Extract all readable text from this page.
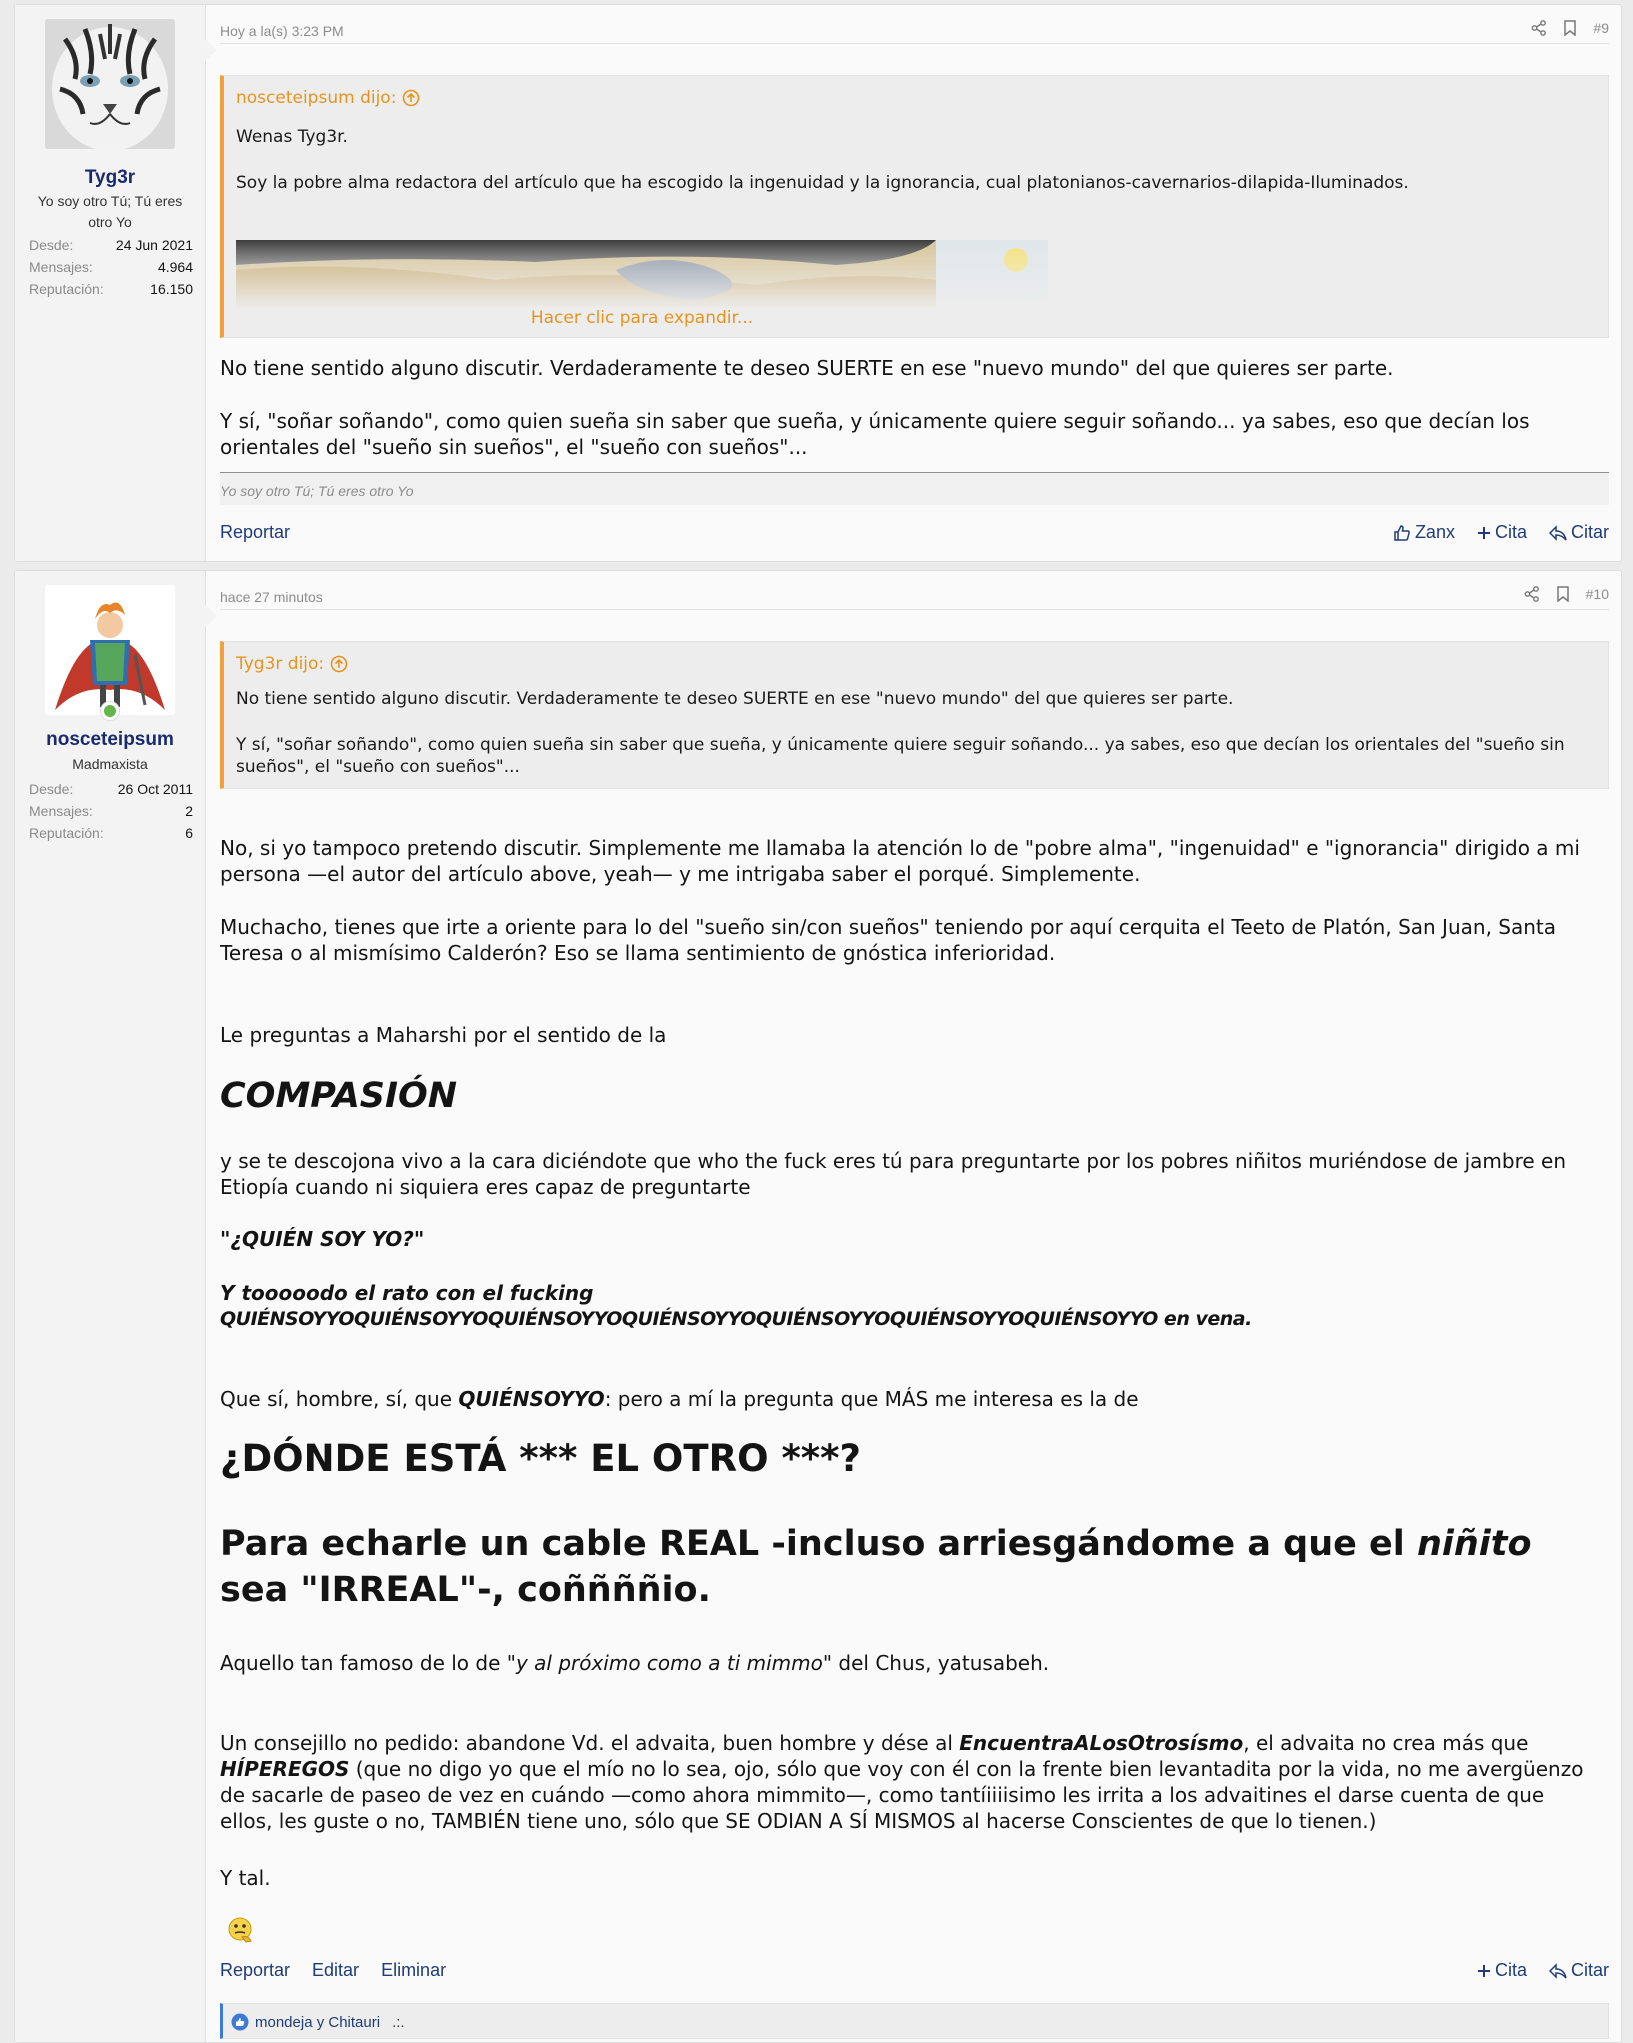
Tyg3r
Yo soy otro Tú; Tú eres otro Yo
Desde:	24 Jun 2021
Mensajes:	4.964
Reputación:	16.150
Hoy a la(s) 3:23 PM	#9
nosceteipsum dijo:
Wenas Tyg3r.
Soy la pobre alma redactora del artículo que ha escogido la ingenuidad y la ignorancia, cual platonianos-cavernarios-dilapida-Iluminados.
Hacer clic para expandir...
No tiene sentido alguno discutir. Verdaderamente te deseo SUERTE en ese "nuevo mundo" del que quieres ser parte.
Y sí, "soñar soñando", como quien sueña sin saber que sueña, y únicamente quiere seguir soñando... ya sabes, eso que decían los orientales del "sueño sin sueños", el "sueño con sueños"...
Yo soy otro Tú; Tú eres otro Yo
Reportar	Zanx Cita Citar
nosceteipsum
Madmaxista
Desde:	26 Oct 2011
Mensajes:	2
Reputación:	6
hace 27 minutos	#10
Tyg3r dijo:
No tiene sentido alguno discutir. Verdaderamente te deseo SUERTE en ese "nuevo mundo" del que quieres ser parte.
Y sí, "soñar soñando", como quien sueña sin saber que sueña, y únicamente quiere seguir soñando... ya sabes, eso que decían los orientales del "sueño sin sueños", el "sueño con sueños"...
No, si yo tampoco pretendo discutir. Simplemente me llamaba la atención lo de "pobre alma", "ingenuidad" e "ignorancia" dirigido a mi persona —el autor del artículo above, yeah— y me intrigaba saber el porqué. Simplemente.
Muchacho, tienes que irte a oriente para lo del "sueño sin/con sueños" teniendo por aquí cerquita el Teeto de Platón, San Juan, Santa Teresa o al mismísimo Calderón? Eso se llama sentimiento de gnóstica inferioridad.
Le preguntas a Maharshi por el sentido de la
COMPASIÓN
y se te descojona vivo a la cara diciéndote que who the fuck eres tú para preguntarte por los pobres niñitos muriéndose de jambre en Etiopía cuando ni siquiera eres capaz de preguntarte
"¿QUIÉN SOY YO?"
Y tooooodo el rato con el fucking
QUIÉNSOYYOQUIÉNSOYYOQUIÉNSOYYOQUIÉNSOYYOQUIÉNSOYYOQUIÉNSOYYOQUIÉNSOYYO en vena.
Que sí, hombre, sí, que QUIÉNSOYYO: pero a mí la pregunta que MÁS me interesa es la de
¿DÓNDE ESTÁ *** EL OTRO ***?
Para echarle un cable REAL -incluso arriesgándome a que el niñito sea "IRREAL"-, coññññio.
Aquello tan famoso de lo de "y al próximo como a ti mimmo" del Chus, yatusabeh.
Un consejillo no pedido: abandone Vd. el advaita, buen hombre y dése al EncuentraALosOtrosísmo, el advaita no crea más que HÍPEREGOS (que no digo yo que el mío no lo sea, ojo, sólo que voy con él con la frente bien levantadita por la vida, no me avergüenzo de sacarle de paseo de vez en cuándo —como ahora mimmito—, como tantíiiiisimo les irrita a los advaitines el darse cuenta de que ellos, les guste o no, TAMBIÉN tiene uno, sólo que SE ODIAN A SÍ MISMOS al hacerse Conscientes de que lo tienen.)
Y tal.
Reportar Editar Eliminar	Cita Citar
mondeja y Chitauri .:.
